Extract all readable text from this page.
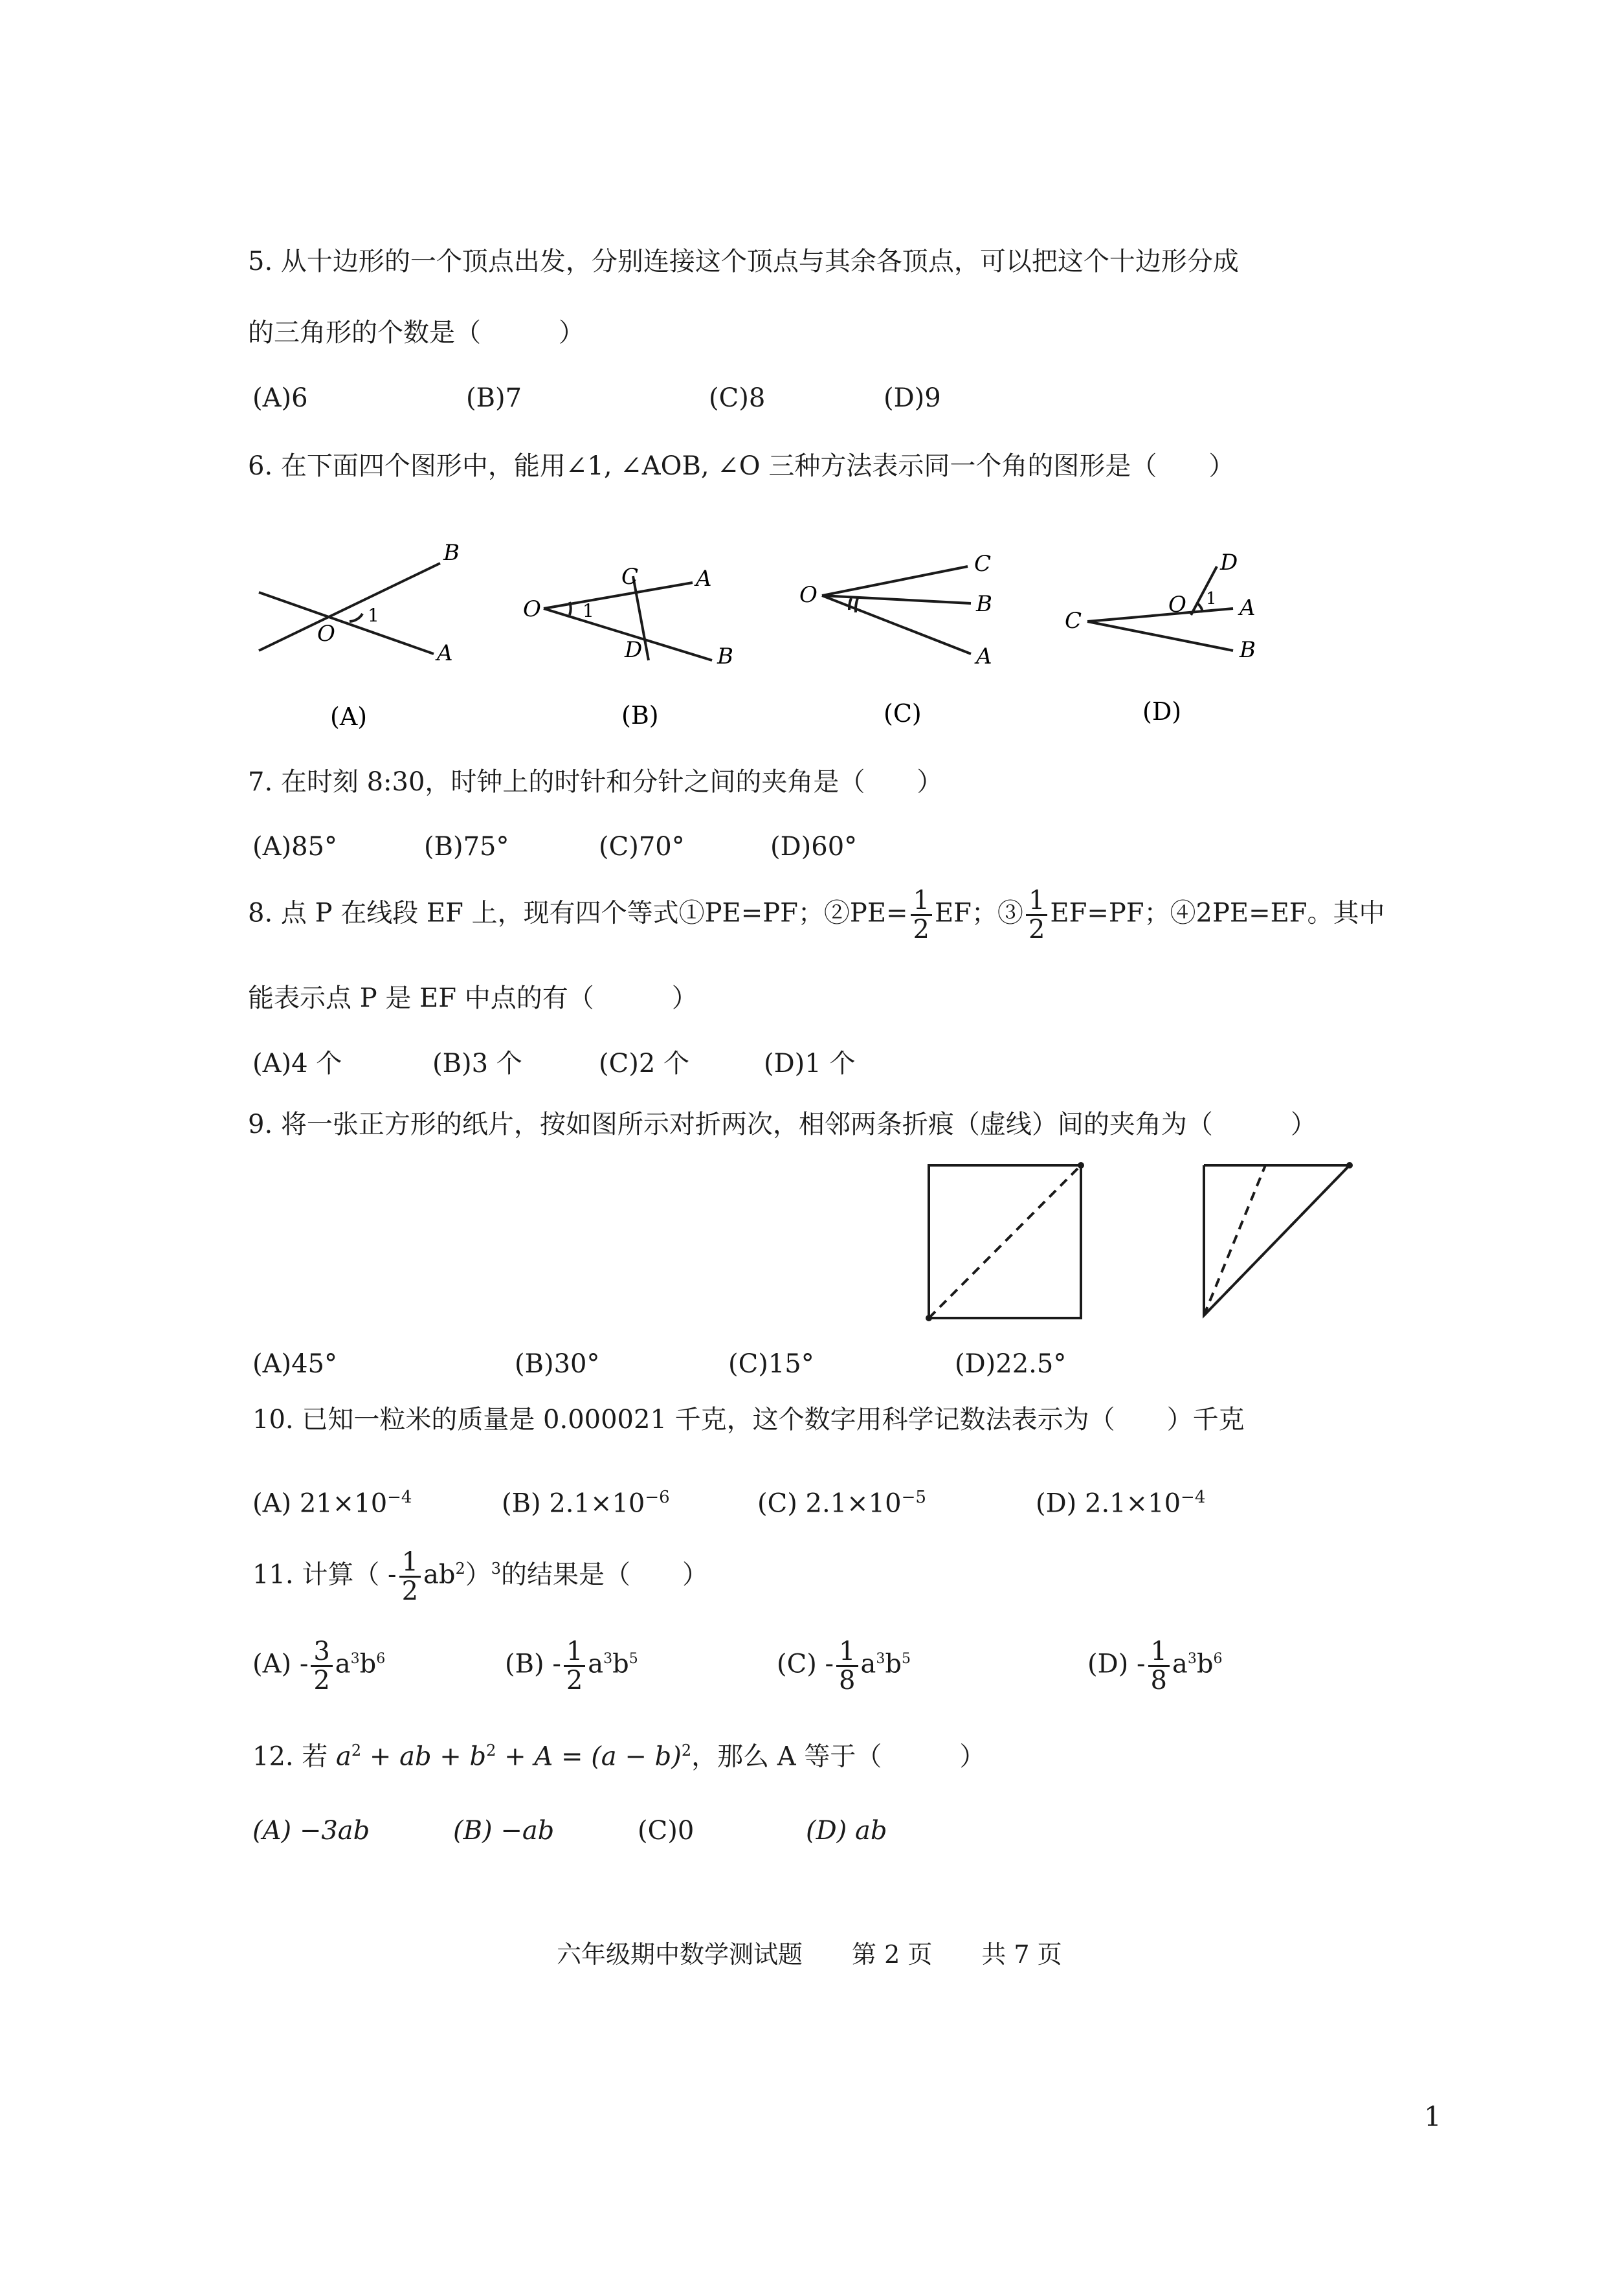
5. 从十边形的一个顶点出发，分别连接这个顶点与其余各顶点，可以把这个十边形分成
的三角形的个数是（　　　）
(A)6	(B)7	(C)8	(D)9
6. 在下面四个图形中，能用∠1, ∠AOB, ∠O 三种方法表示同一个角的图形是（　　）
O
B
A
1
(A)
O
C	A
D	B
1
(B)
O
C
B
A
(C)
C
O
D
A
B
1
(D)
7. 在时刻 8:30，时钟上的时针和分针之间的夹角是（　　）
(A)85°	(B)75°	(C)70°	(D)60°
8. 点 P 在线段 EF 上，现有四个等式①PE=PF；②PE= $\frac{1}{2}$ EF；③ $\frac{1}{2} EF=PF$；④2PE=EF。其中
能表示点 P 是 EF 中点的有（　　　）
(A)4 个	(B)3 个	(C)2 个	(D)1 个
9. 将一张正方形的纸片，按如图所示对折两次，相邻两条折痕（虚线）间的夹角为（　　　）
(A)45°	(B)30°	(C)15°	(D)22.5°
10. 已知一粒米的质量是 0.000021 千克，这个数字用科学记数法表示为（　　）千克
(A) $21\times 10^{-4}$	(B) $2.1\times 10^{-6}$	(C) $2.1\times 10^{-5}$	(D) $2.1\times 10^{-4}$
11. 计算（ - $\frac{1}{2} ab^2)^3$的结果是（　　）
$(A) - \frac{3}{2} a^3b^6$	$(B) - \frac{1}{2} a^3b^5$	$(C) - \frac{1}{8} a^3b^5$	$(D) - \frac{1}{8} a^3b^6$
12. 若 $a^2$ + ab + $b^2 + A = (a - b)^2$，那么 A 等于（　　　）
(A) −3ab	(B) −ab	(C)0	(D) ab
六年级期中数学测试题　　第 2 页　　共 7 页
1
